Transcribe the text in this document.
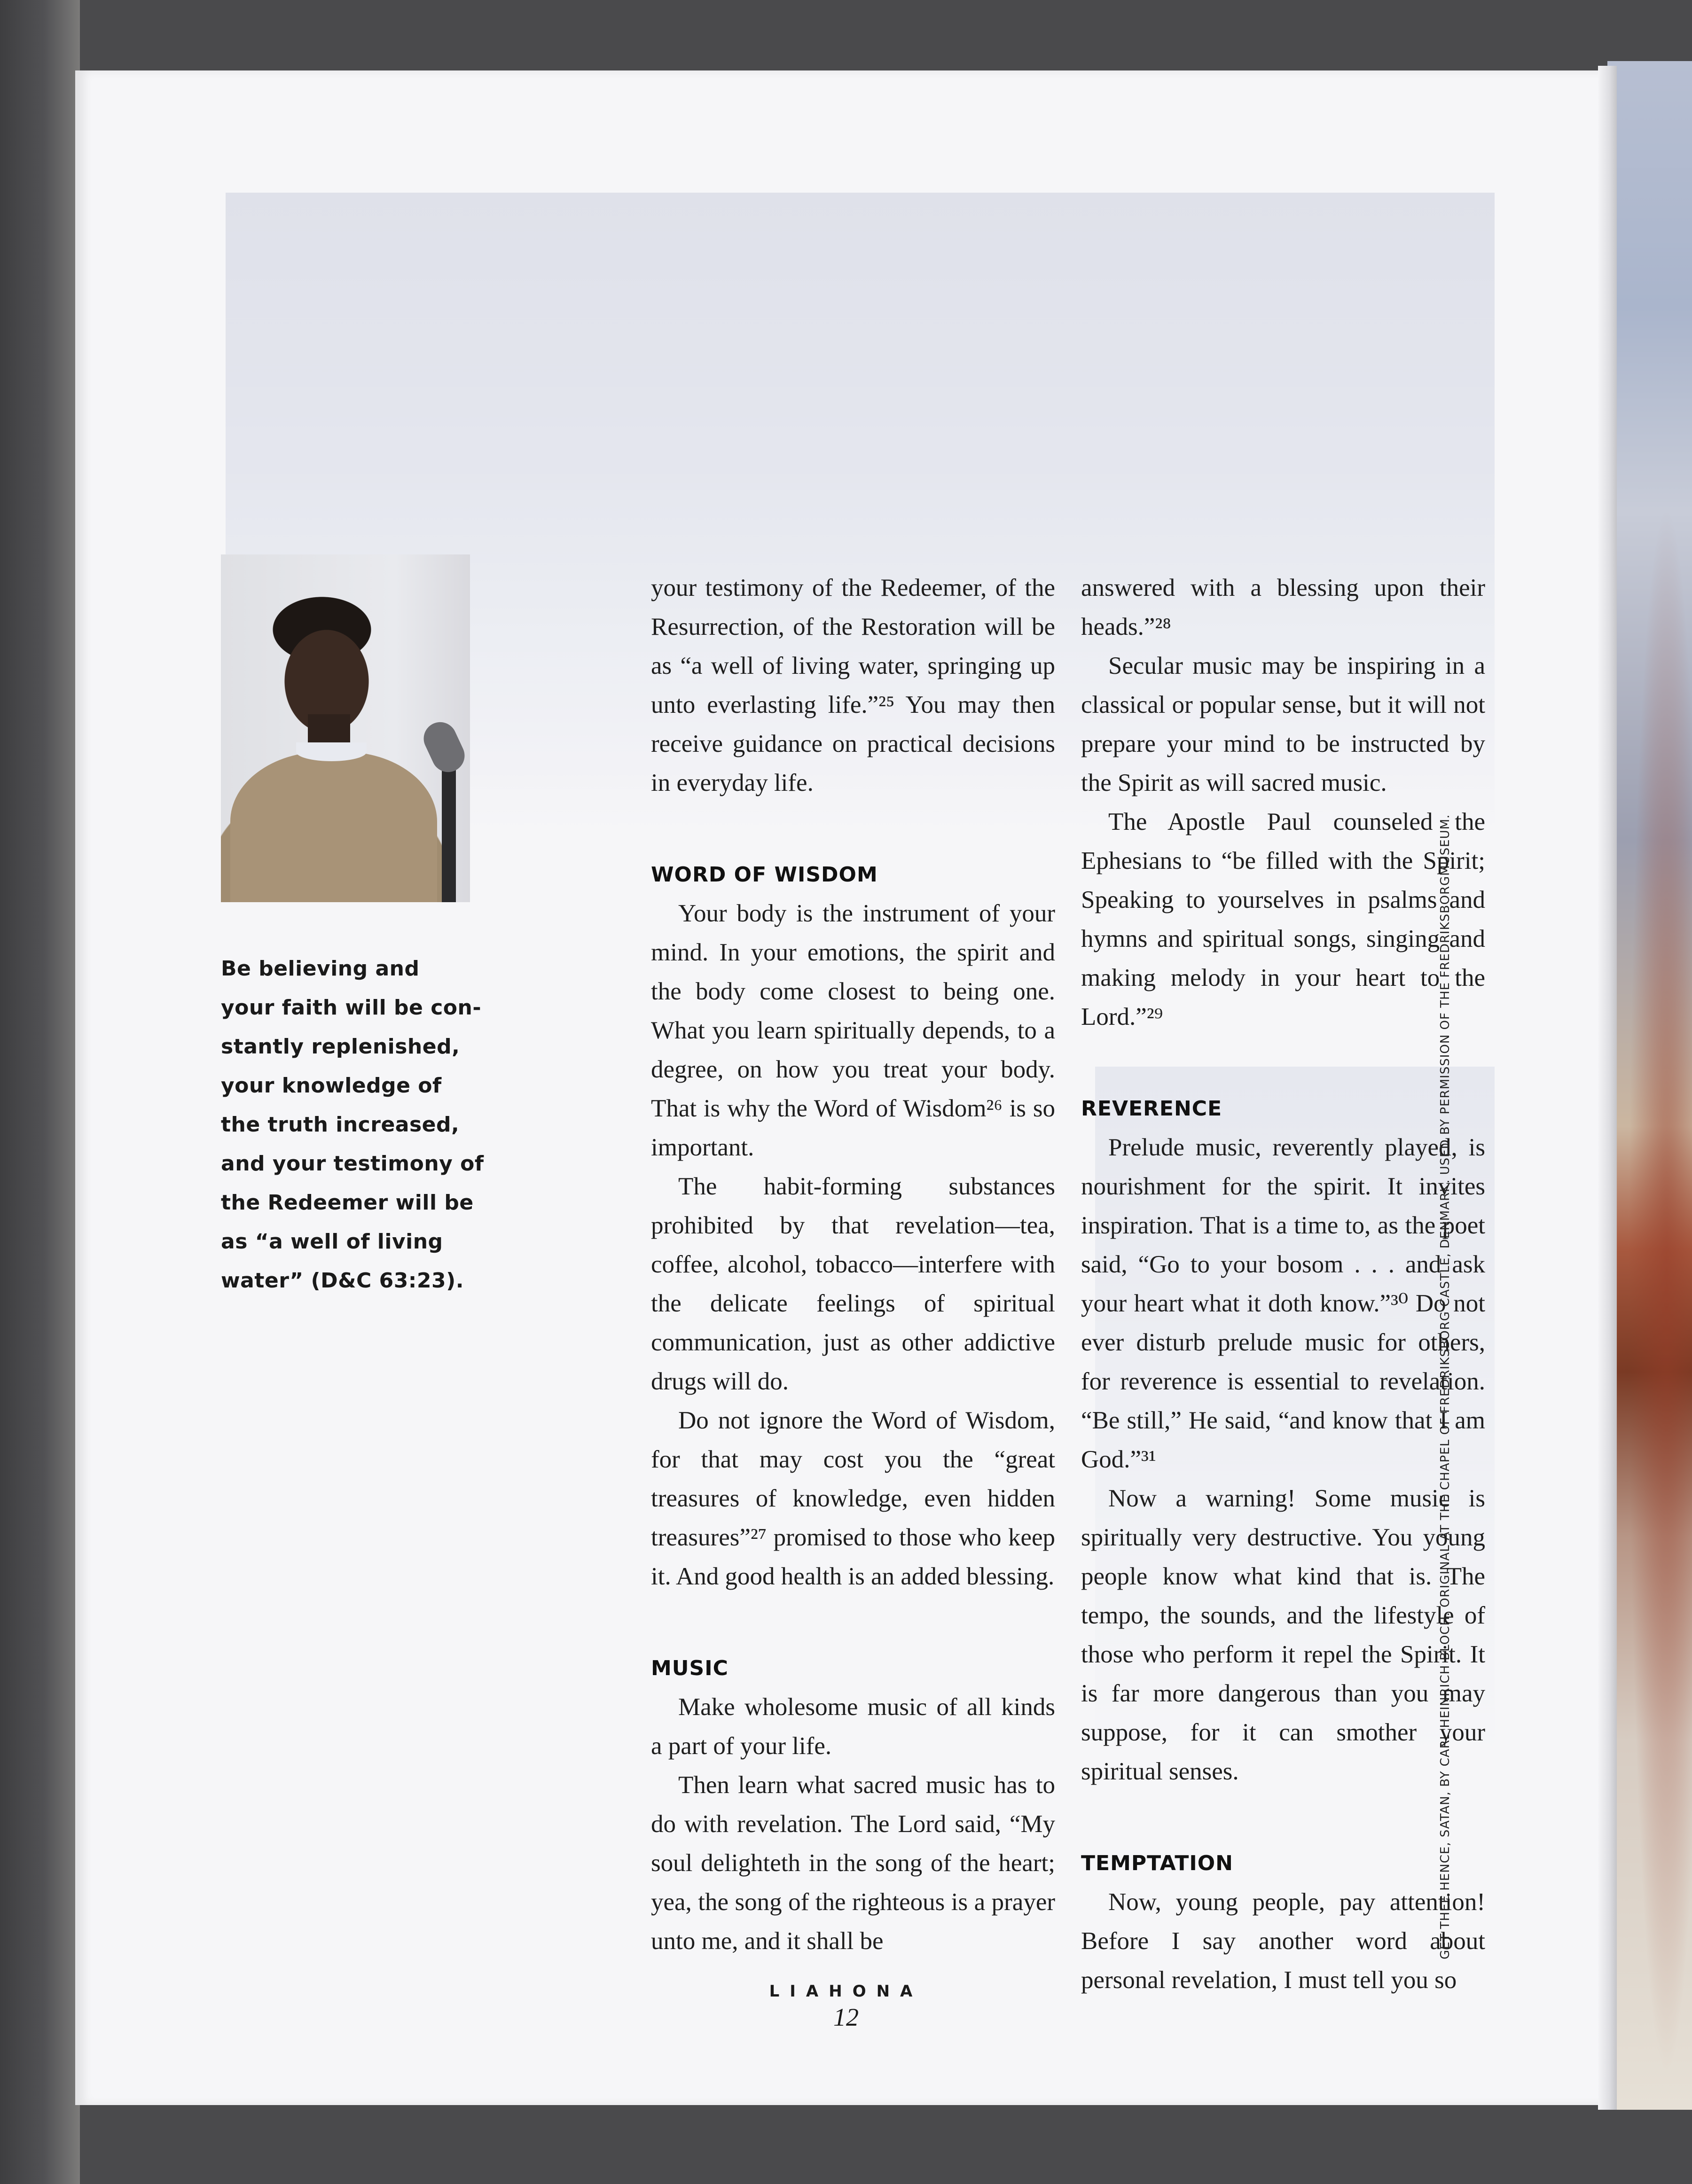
Be believing and
your faith will be con-
stantly replenished,
your knowledge of
the truth increased,
and your testimony of
the Redeemer will be
as “a well of living
water” (D&C 63:23).

your testimony of the Redeemer, of the Resurrection, of the Restoration will be as “a well of living water, springing up unto everlasting life.”²⁵ You may then receive guidance on practical decisions in everyday life.

WORD OF WISDOM

Your body is the instrument of your mind. In your emotions, the spirit and the body come closest to being one. What you learn spiritually depends, to a degree, on how you treat your body. That is why the Word of Wisdom²⁶ is so important.

The habit-forming substances prohibited by that revelation—tea, coffee, alcohol, tobacco—interfere with the delicate feelings of spiritual communication, just as other addictive drugs will do.

Do not ignore the Word of Wisdom, for that may cost you the “great treasures of knowledge, even hidden treasures”²⁷ promised to those who keep it. And good health is an added blessing.

MUSIC

Make wholesome music of all kinds a part of your life.

Then learn what sacred music has to do with revelation. The Lord said, “My soul delighteth in the song of the heart; yea, the song of the righteous is a prayer unto me, and it shall be

answered with a blessing upon their heads.”²⁸

Secular music may be inspiring in a classical or popular sense, but it will not prepare your mind to be instructed by the Spirit as will sacred music.

The Apostle Paul counseled the Ephesians to “be filled with the Spirit; Speaking to yourselves in psalms and hymns and spiritual songs, singing and making melody in your heart to the Lord.”²⁹

REVERENCE

Prelude music, reverently played, is nourishment for the spirit. It invites inspiration. That is a time to, as the poet said, “Go to your bosom . . . and ask your heart what it doth know.”³⁰ Do not ever disturb prelude music for others, for reverence is essential to revelation. “Be still,” He said, “and know that I am God.”³¹

Now a warning! Some music is spiritually very destructive. You young people know what kind that is. The tempo, the sounds, and the lifestyle of those who perform it repel the Spirit. It is far more dangerous than you may suppose, for it can smother your spiritual senses.

TEMPTATION

Now, young people, pay attention! Before I say another word about personal revelation, I must tell you so

LIAHONA
12
GET THEE HENCE, SATAN, BY CARL HEINRICH BLOCH. ORIGINAL AT THE CHAPEL OF FREDRIKSBORG CASTLE, DENMARK. USED BY PERMISSION OF THE FREDRIKSBORGMUSEUM.
